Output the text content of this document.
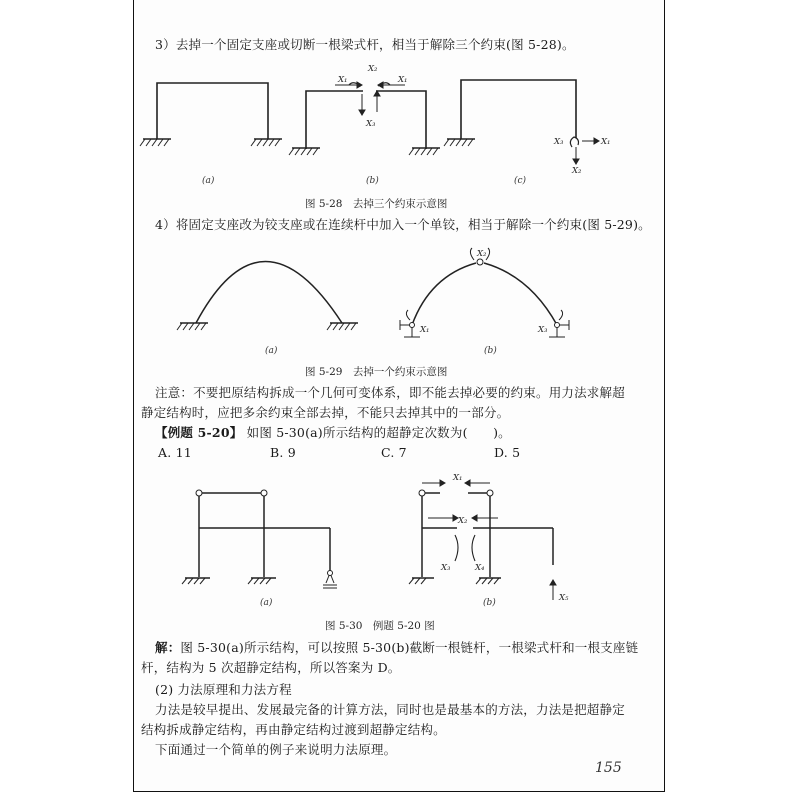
3）去掉一个固定支座或切断一根梁式杆，相当于解除三个约束(图 5-28)。
X₁	X₁
X₂
X₃
X₃	X₁
X₂
(a)	(b)	(c)
图 5-28　去掉三个约束示意图
4）将固定支座改为铰支座或在连续杆中加入一个单铰，相当于解除一个约束(图 5-29)。
X₂
X₁	X₃
(a)	(b)
图 5-29　去掉一个约束示意图
注意：不要把原结构拆成一个几何可变体系，即不能去掉必要的约束。用力法求解超
静定结构时，应把多余约束全部去掉，不能只去掉其中的一部分。
【例题 5-20】 如图 5-30(a)所示结构的超静定次数为(　　)。
A. 11	B. 9	C. 7	D. 5
X₁
X₂
X₃	X₄
X₅
(a)	(b)
图 5-30　例题 5-20 图
解：图 5-30(a)所示结构，可以按照 5-30(b)截断一根链杆，一根梁式杆和一根支座链
杆，结构为 5 次超静定结构，所以答案为 D。
(2) 力法原理和力法方程
力法是较早提出、发展最完备的计算方法，同时也是最基本的方法，力法是把超静定
结构拆成静定结构，再由静定结构过渡到超静定结构。
下面通过一个简单的例子来说明力法原理。
155
